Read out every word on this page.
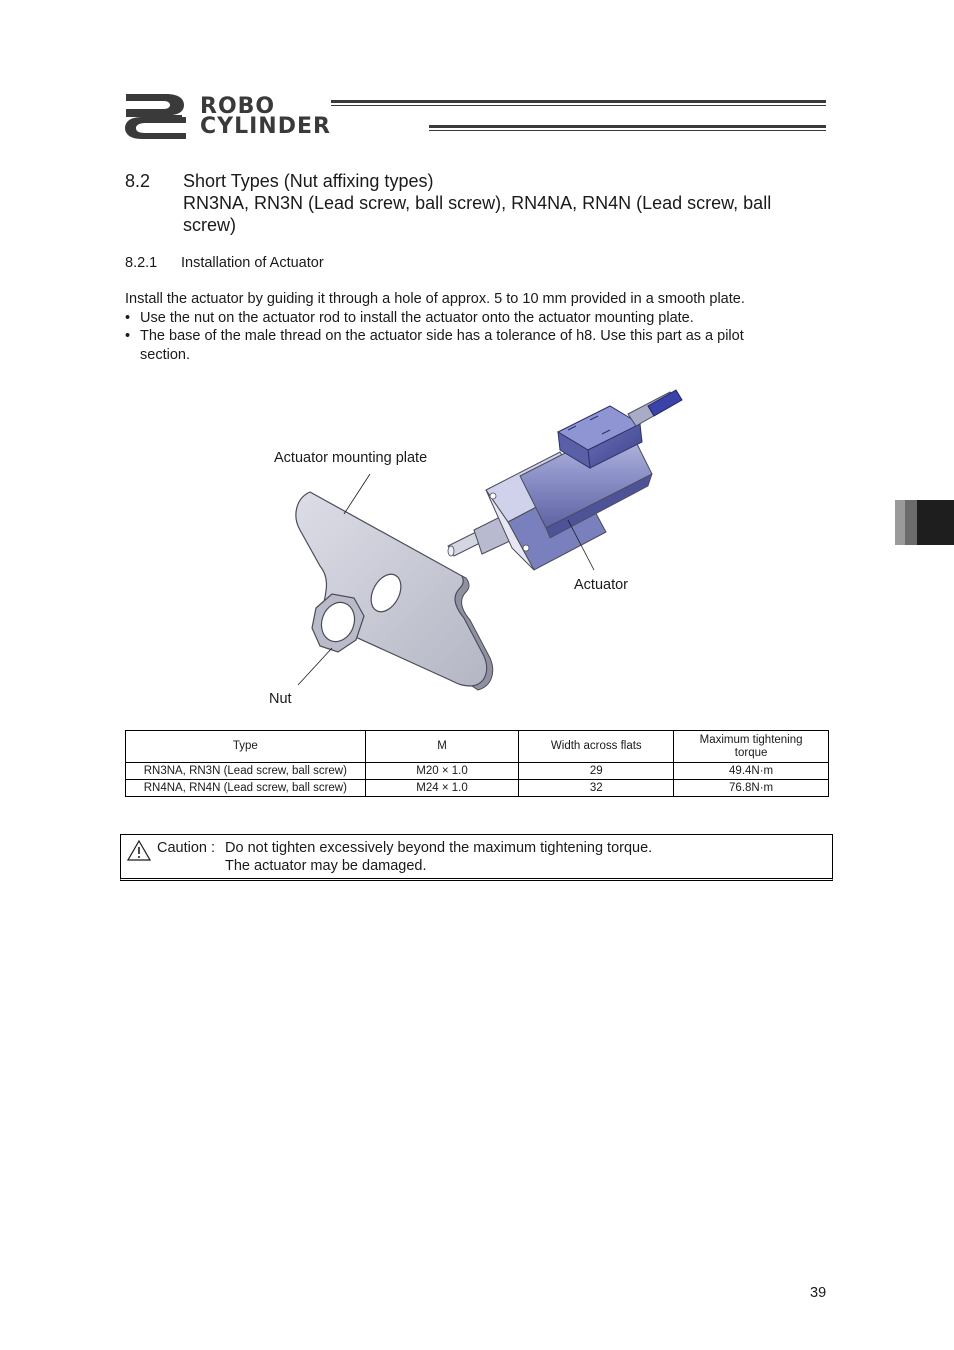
ROBO
CYLINDER
8.2 Short Types (Nut affixing types)
RN3NA, RN3N (Lead screw, ball screw), RN4NA, RN4N (Lead screw, ball
screw)
8.2.1 Installation of Actuator
Install the actuator by guiding it through a hole of approx. 5 to 10 mm provided in a smooth plate.
• Use the nut on the actuator rod to install the actuator onto the actuator mounting plate.
• The base of the male thread on the actuator side has a tolerance of h8. Use this part as a pilot
section.
Actuator mounting plate
Actuator
Nut
Type	M	Width across flats	Maximum tightening
torque
RN3NA, RN3N (Lead screw, ball screw)	M20 × 1.0	29	49.4N·m
RN4NA, RN4N (Lead screw, ball screw)	M24 × 1.0	32	76.8N·m
Caution : Do not tighten excessively beyond the maximum tightening torque.
The actuator may be damaged.
39
